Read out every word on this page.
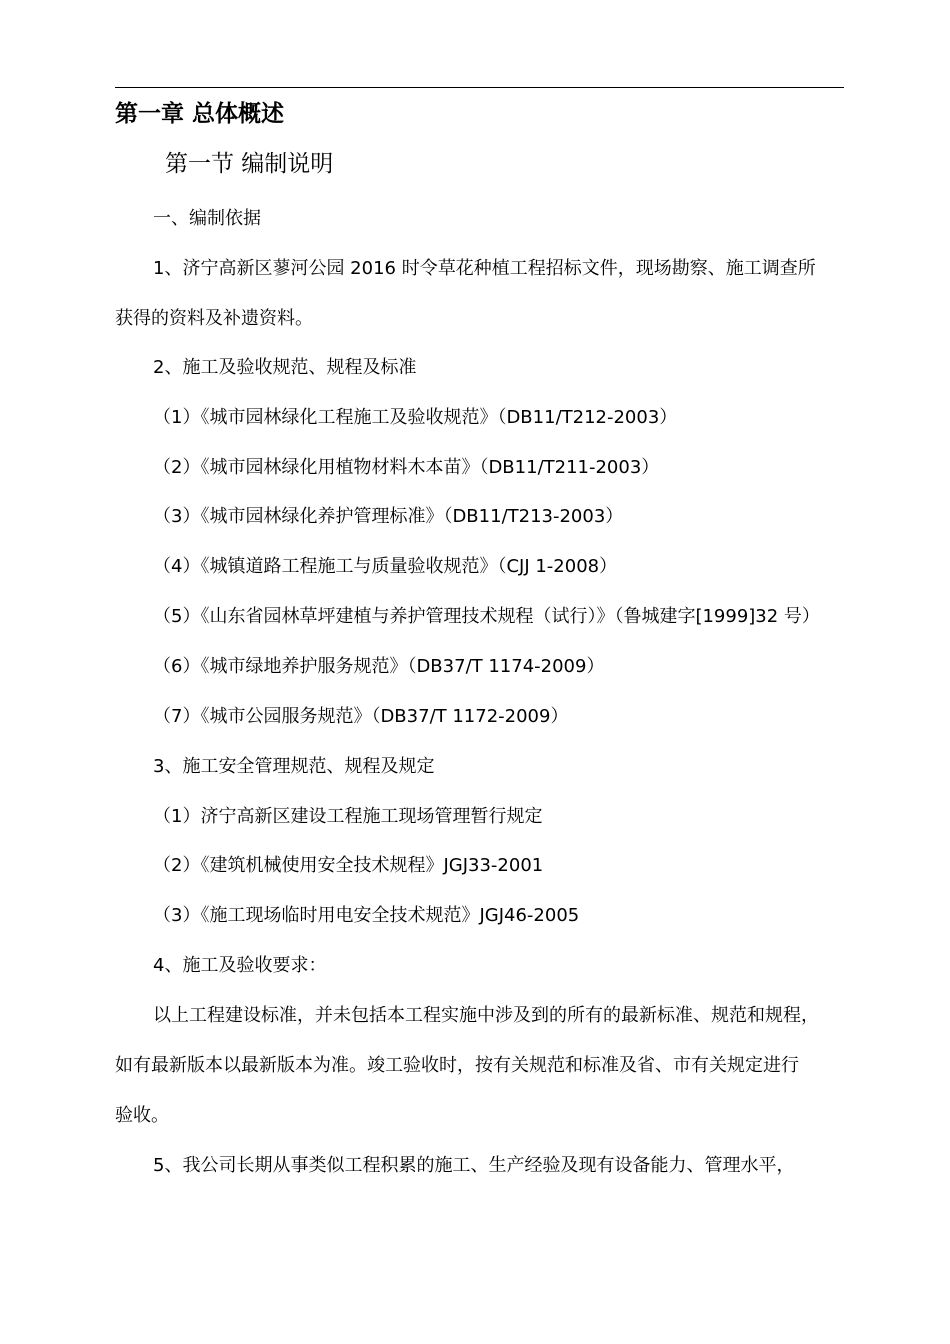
第一章 总体概述
第一节 编制说明
一、编制依据
1、济宁高新区蓼河公园 2016 时令草花种植工程招标文件，现场勘察、施工调查所
获得的资料及补遗资料。
2、施工及验收规范、规程及标准
（1）《城市园林绿化工程施工及验收规范》（DB11/T212-2003）
（2）《城市园林绿化用植物材料木本苗》（DB11/T211-2003）
（3）《城市园林绿化养护管理标准》（DB11/T213-2003）
（4）《城镇道路工程施工与质量验收规范》（CJJ 1-2008）
（5）《山东省园林草坪建植与养护管理技术规程（试行）》（鲁城建字[1999]32 号）
（6）《城市绿地养护服务规范》（DB37/T 1174-2009）
（7）《城市公园服务规范》（DB37/T 1172-2009）
3、施工安全管理规范、规程及规定
（1）济宁高新区建设工程施工现场管理暂行规定
（2）《建筑机械使用安全技术规程》JGJ33-2001
（3）《施工现场临时用电安全技术规范》JGJ46-2005
4、施工及验收要求：
以上工程建设标准，并未包括本工程实施中涉及到的所有的最新标准、规范和规程，
如有最新版本以最新版本为准。竣工验收时，按有关规范和标准及省、市有关规定进行
验收。
5、我公司长期从事类似工程积累的施工、生产经验及现有设备能力、管理水平，
